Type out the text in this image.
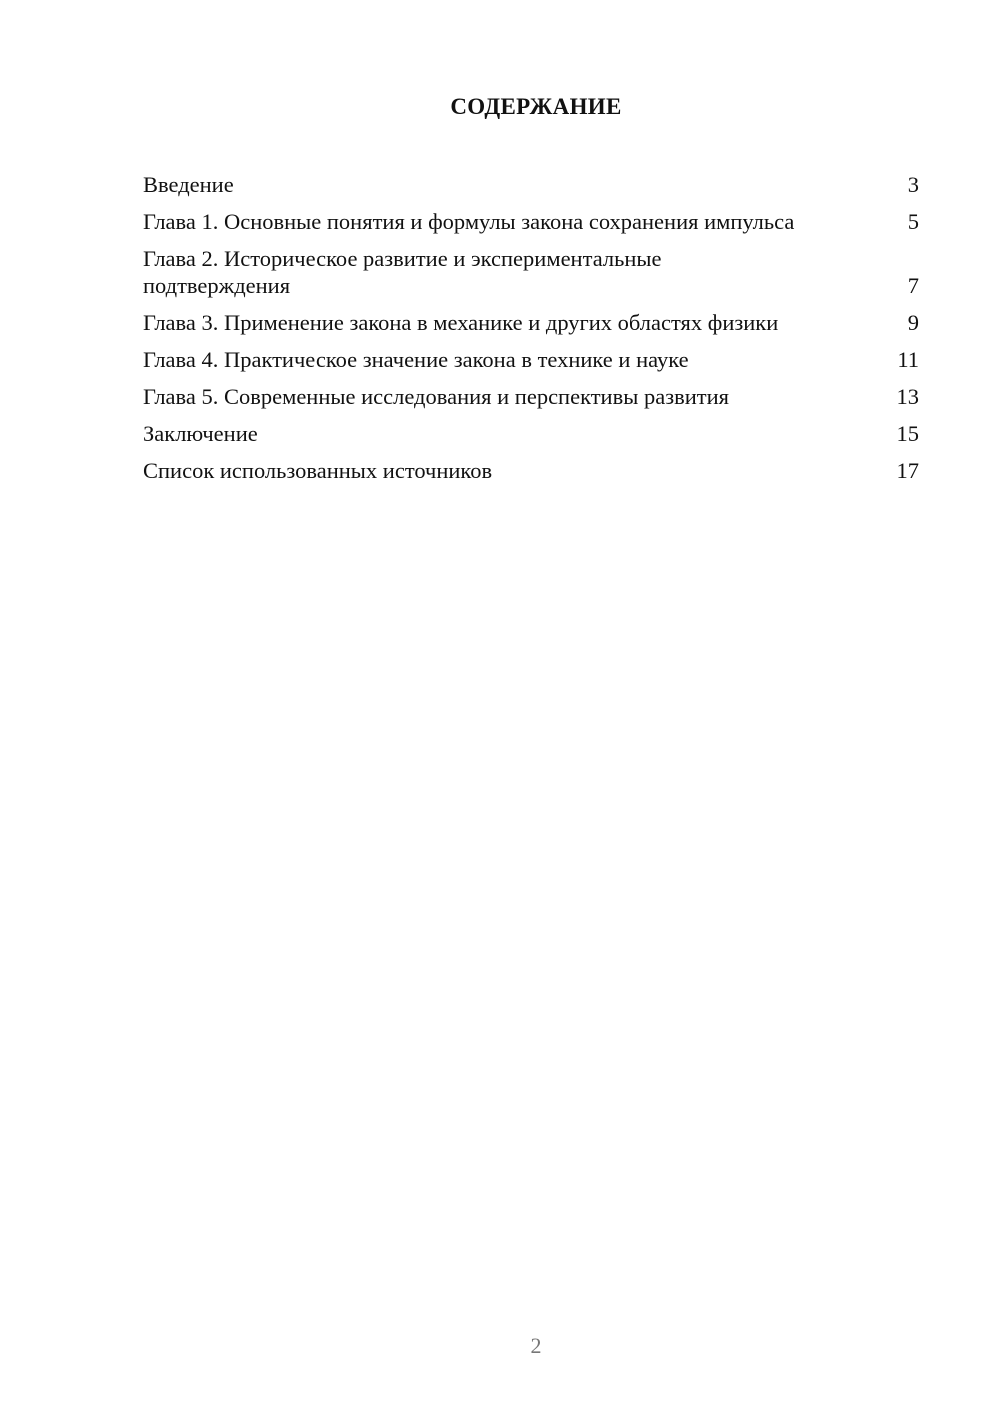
СОДЕРЖАНИЕ
Введение	3
Глава 1. Основные понятия и формулы закона сохранения импульса	5
Глава 2. Историческое развитие и экспериментальные подтверждения	7
Глава 3. Применение закона в механике и других областях физики	9
Глава 4. Практическое значение закона в технике и науке	11
Глава 5. Современные исследования и перспективы развития	13
Заключение	15
Список использованных источников	17
2
